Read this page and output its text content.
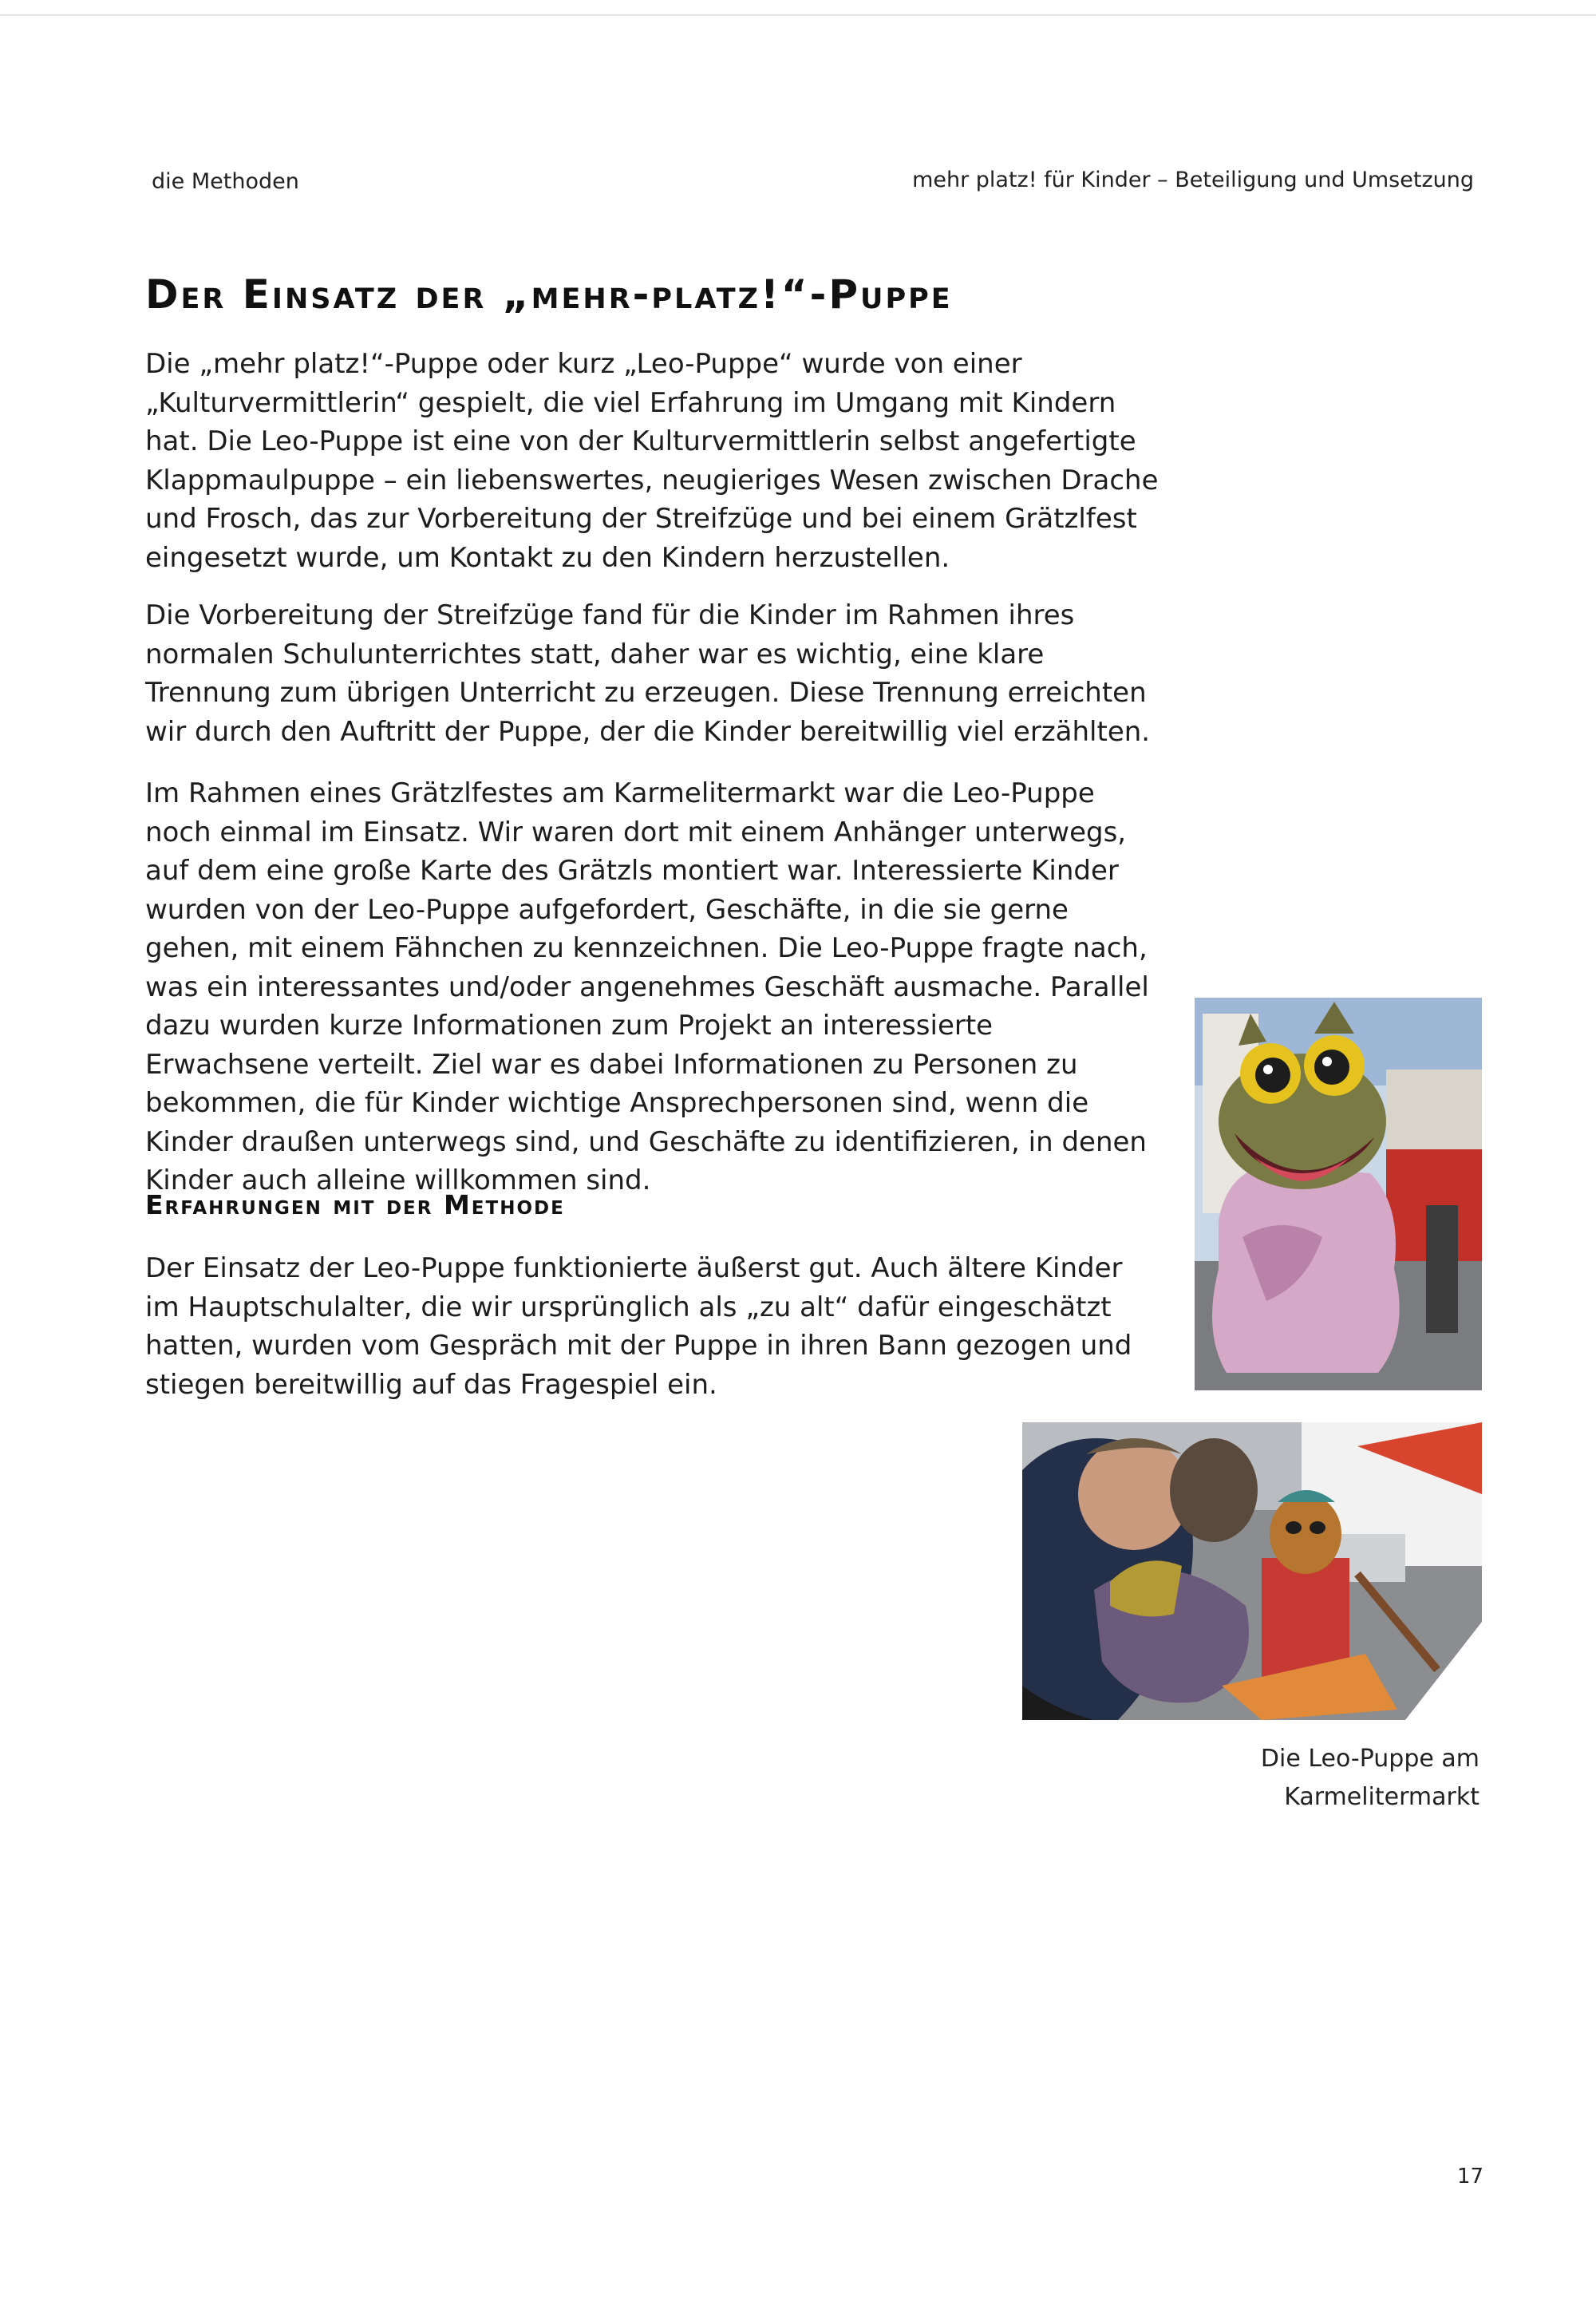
die Methoden	mehr platz! für Kinder – Beteiligung und Umsetzung
Der Einsatz der „mehr-platz!“-Puppe

Die „mehr platz!“-Puppe oder kurz „Leo-Puppe“ wurde von einer „Kulturvermittlerin“ gespielt, die viel Erfahrung im Umgang mit Kindern hat. Die Leo-Puppe ist eine von der Kulturvermittlerin selbst angefertigte Klappmaulpuppe – ein liebenswertes, neugieriges Wesen zwischen Drache und Frosch, das zur Vorbereitung der Streifzüge und bei einem Grätzlfest eingesetzt wurde, um Kontakt zu den Kindern herzustellen.

Die Vorbereitung der Streifzüge fand für die Kinder im Rahmen ihres normalen Schulunterrichtes statt, daher war es wichtig, eine klare Trennung zum übrigen Unterricht zu erzeugen. Diese Trennung erreichten wir durch den Auftritt der Puppe, der die Kinder bereitwillig viel erzählten.

Im Rahmen eines Grätzlfestes am Karmelitermarkt war die Leo-Puppe noch einmal im Einsatz. Wir waren dort mit einem Anhänger unterwegs, auf dem eine große Karte des Grätzls montiert war. Interessierte Kinder wurden von der Leo-Puppe aufgefordert, Geschäfte, in die sie gerne gehen, mit einem Fähnchen zu kennzeichnen. Die Leo-Puppe fragte nach, was ein interessantes und/oder angenehmes Geschäft ausmache. Parallel dazu wurden kurze Informationen zum Projekt an interessierte Erwachsene verteilt. Ziel war es dabei Informationen zu Personen zu bekommen, die für Kinder wichtige Ansprechpersonen sind, wenn die Kinder draußen unterwegs sind, und Geschäfte zu identifizieren, in denen Kinder auch alleine willkommen sind.

Erfahrungen mit der Methode

Der Einsatz der Leo-Puppe funktionierte äußerst gut. Auch ältere Kinder im Hauptschulalter, die wir ursprünglich als „zu alt“ dafür eingeschätzt hatten, wurden vom Gespräch mit der Puppe in ihren Bann gezogen und stiegen bereitwillig auf das Fragespiel ein.

Die Leo-Puppe am
Karmelitermarkt
17
